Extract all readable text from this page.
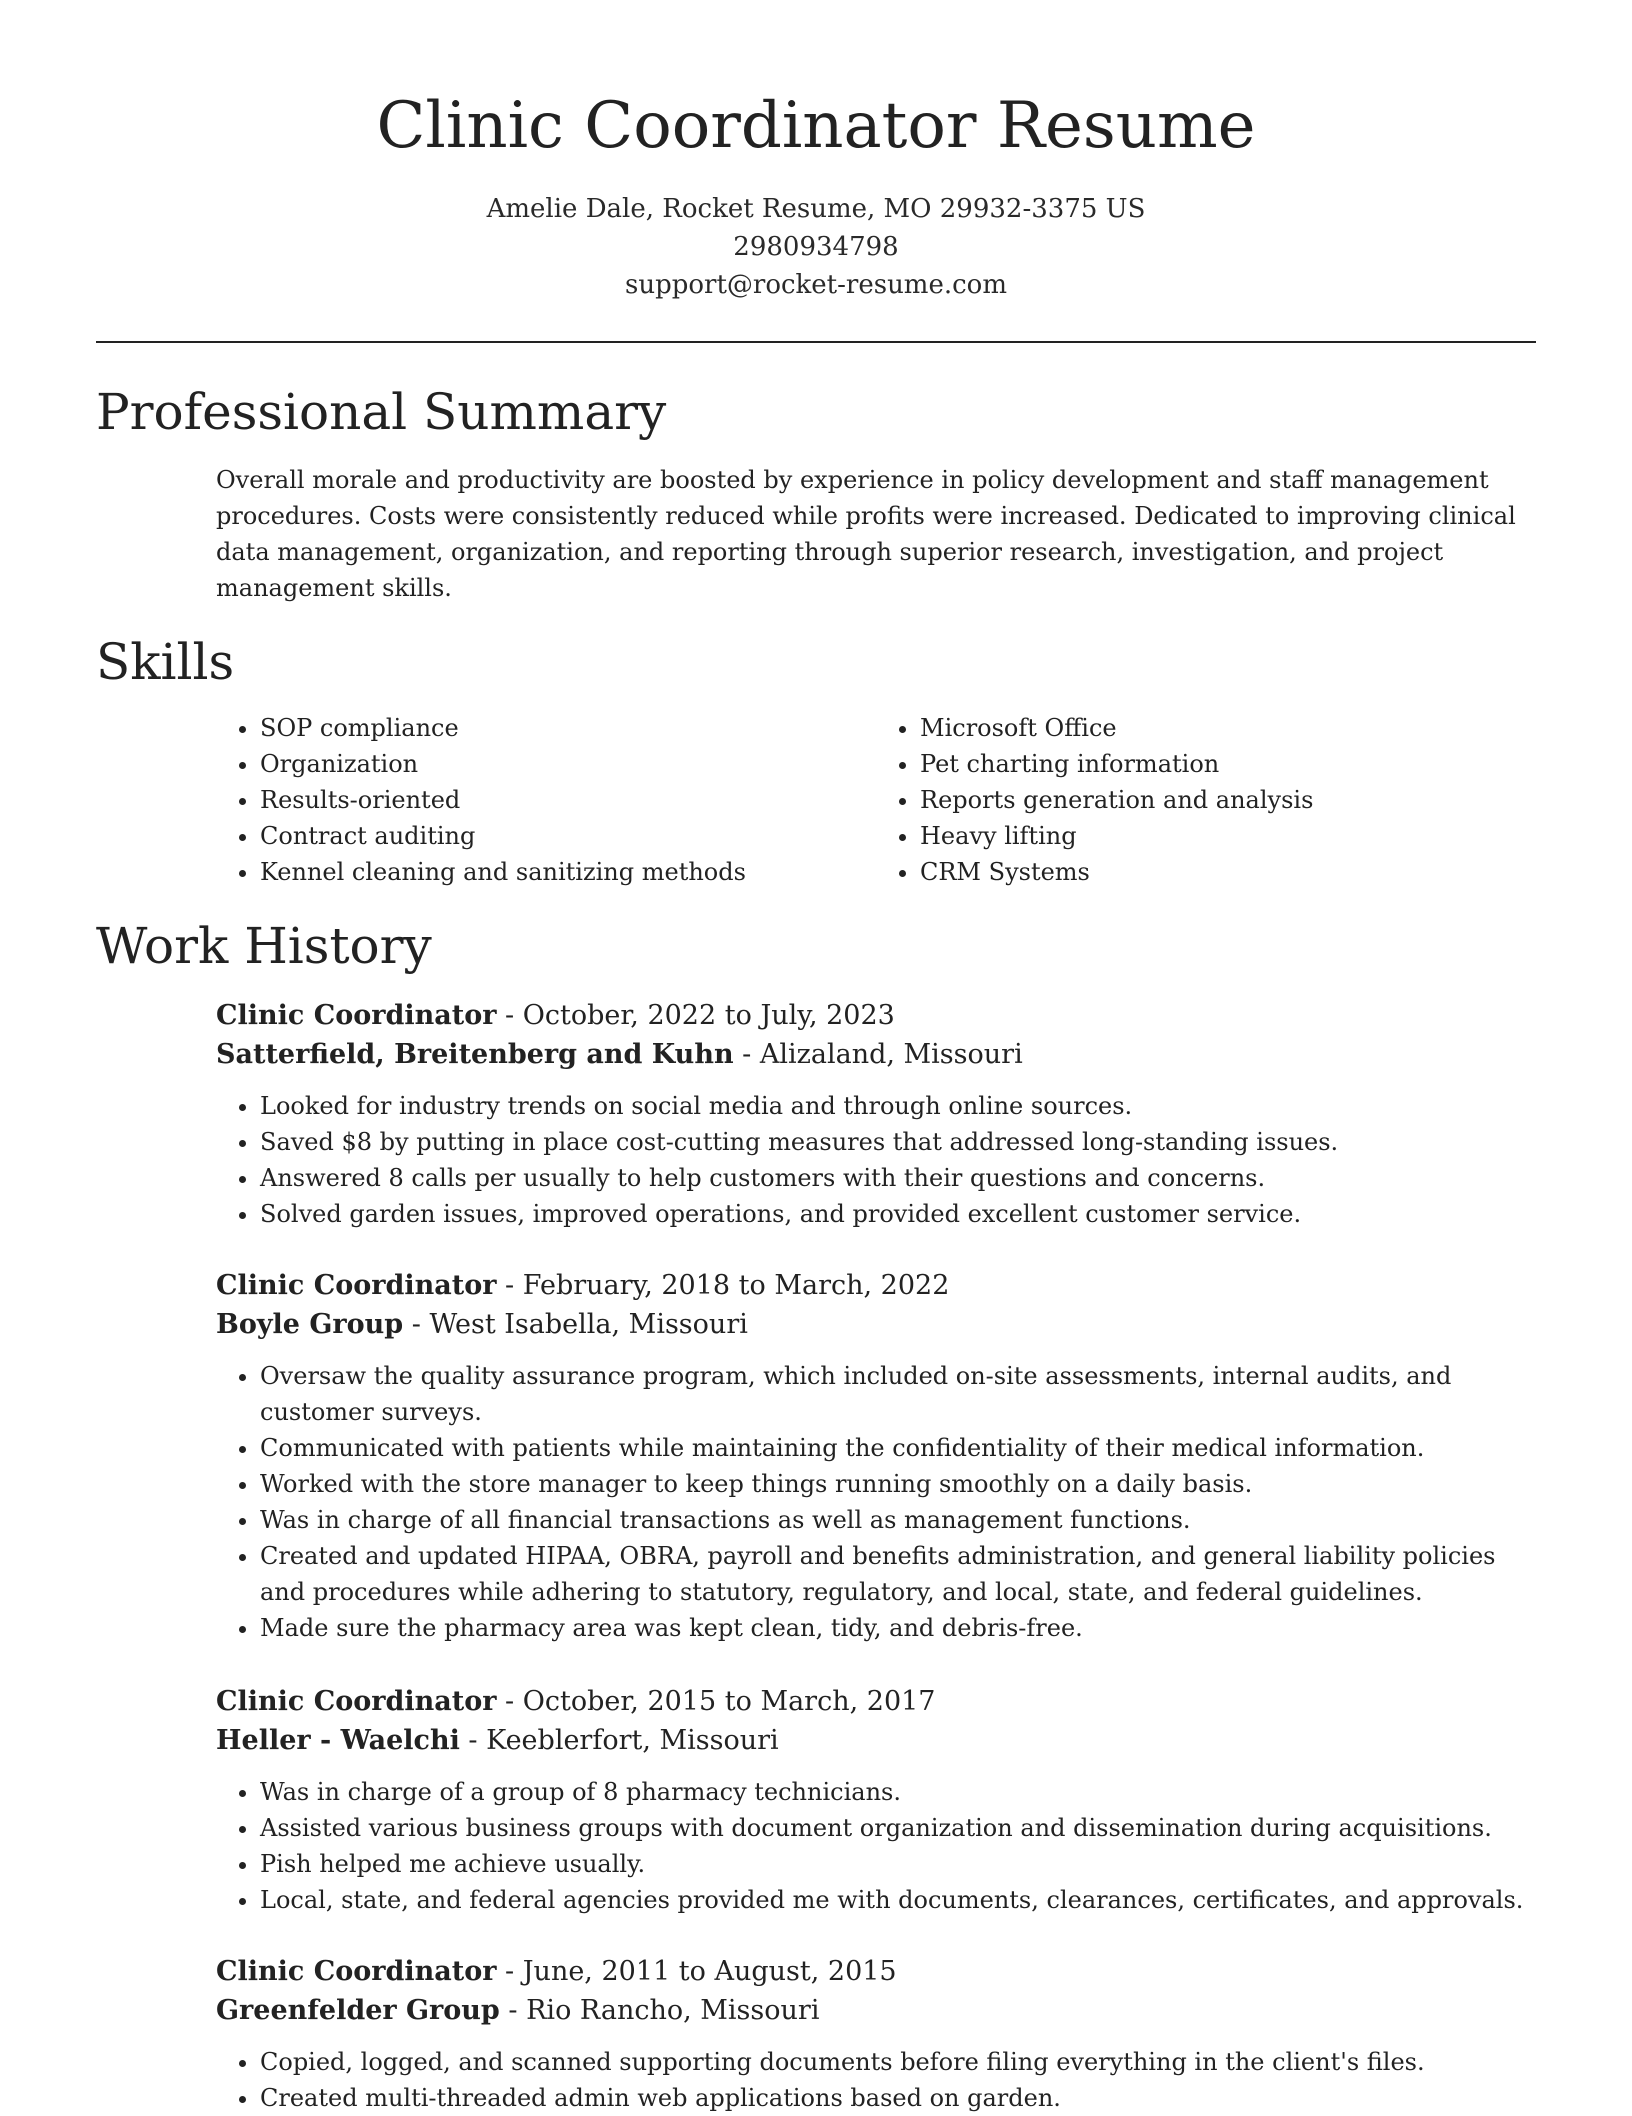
Clinic Coordinator Resume
Amelie Dale, Rocket Resume, MO 29932-3375 US
2980934798
support@rocket-resume.com
Professional Summary

Overall morale and productivity are boosted by experience in policy development and staff management procedures. Costs were consistently reduced while profits were increased. Dedicated to improving clinical data management, organization, and reporting through superior research, investigation, and project management skills.

Skills
• SOP compliance
• Organization
• Results-oriented
• Contract auditing
• Kennel cleaning and sanitizing methods
• Microsoft Office
• Pet charting information
• Reports generation and analysis
• Heavy lifting
• CRM Systems
Work History

Clinic Coordinator - October, 2022 to July, 2023

Satterfield, Breitenberg and Kuhn - Alizaland, Missouri

• Looked for industry trends on social media and through online sources.
• Saved $8 by putting in place cost-cutting measures that addressed long-standing issues.
• Answered 8 calls per usually to help customers with their questions and concerns.
• Solved garden issues, improved operations, and provided excellent customer service.

Clinic Coordinator - February, 2018 to March, 2022

Boyle Group - West Isabella, Missouri

• Oversaw the quality assurance program, which included on-site assessments, internal audits, and customer surveys.
• Communicated with patients while maintaining the confidentiality of their medical information.
• Worked with the store manager to keep things running smoothly on a daily basis.
• Was in charge of all financial transactions as well as management functions.
• Created and updated HIPAA, OBRA, payroll and benefits administration, and general liability policies and procedures while adhering to statutory, regulatory, and local, state, and federal guidelines.
• Made sure the pharmacy area was kept clean, tidy, and debris-free.

Clinic Coordinator - October, 2015 to March, 2017

Heller - Waelchi - Keeblerfort, Missouri

• Was in charge of a group of 8 pharmacy technicians.
• Assisted various business groups with document organization and dissemination during acquisitions.
• Pish helped me achieve usually.
• Local, state, and federal agencies provided me with documents, clearances, certificates, and approvals.

Clinic Coordinator - June, 2011 to August, 2015

Greenfelder Group - Rio Rancho, Missouri

• Copied, logged, and scanned supporting documents before filing everything in the client's files.
• Created multi-threaded admin web applications based on garden.
